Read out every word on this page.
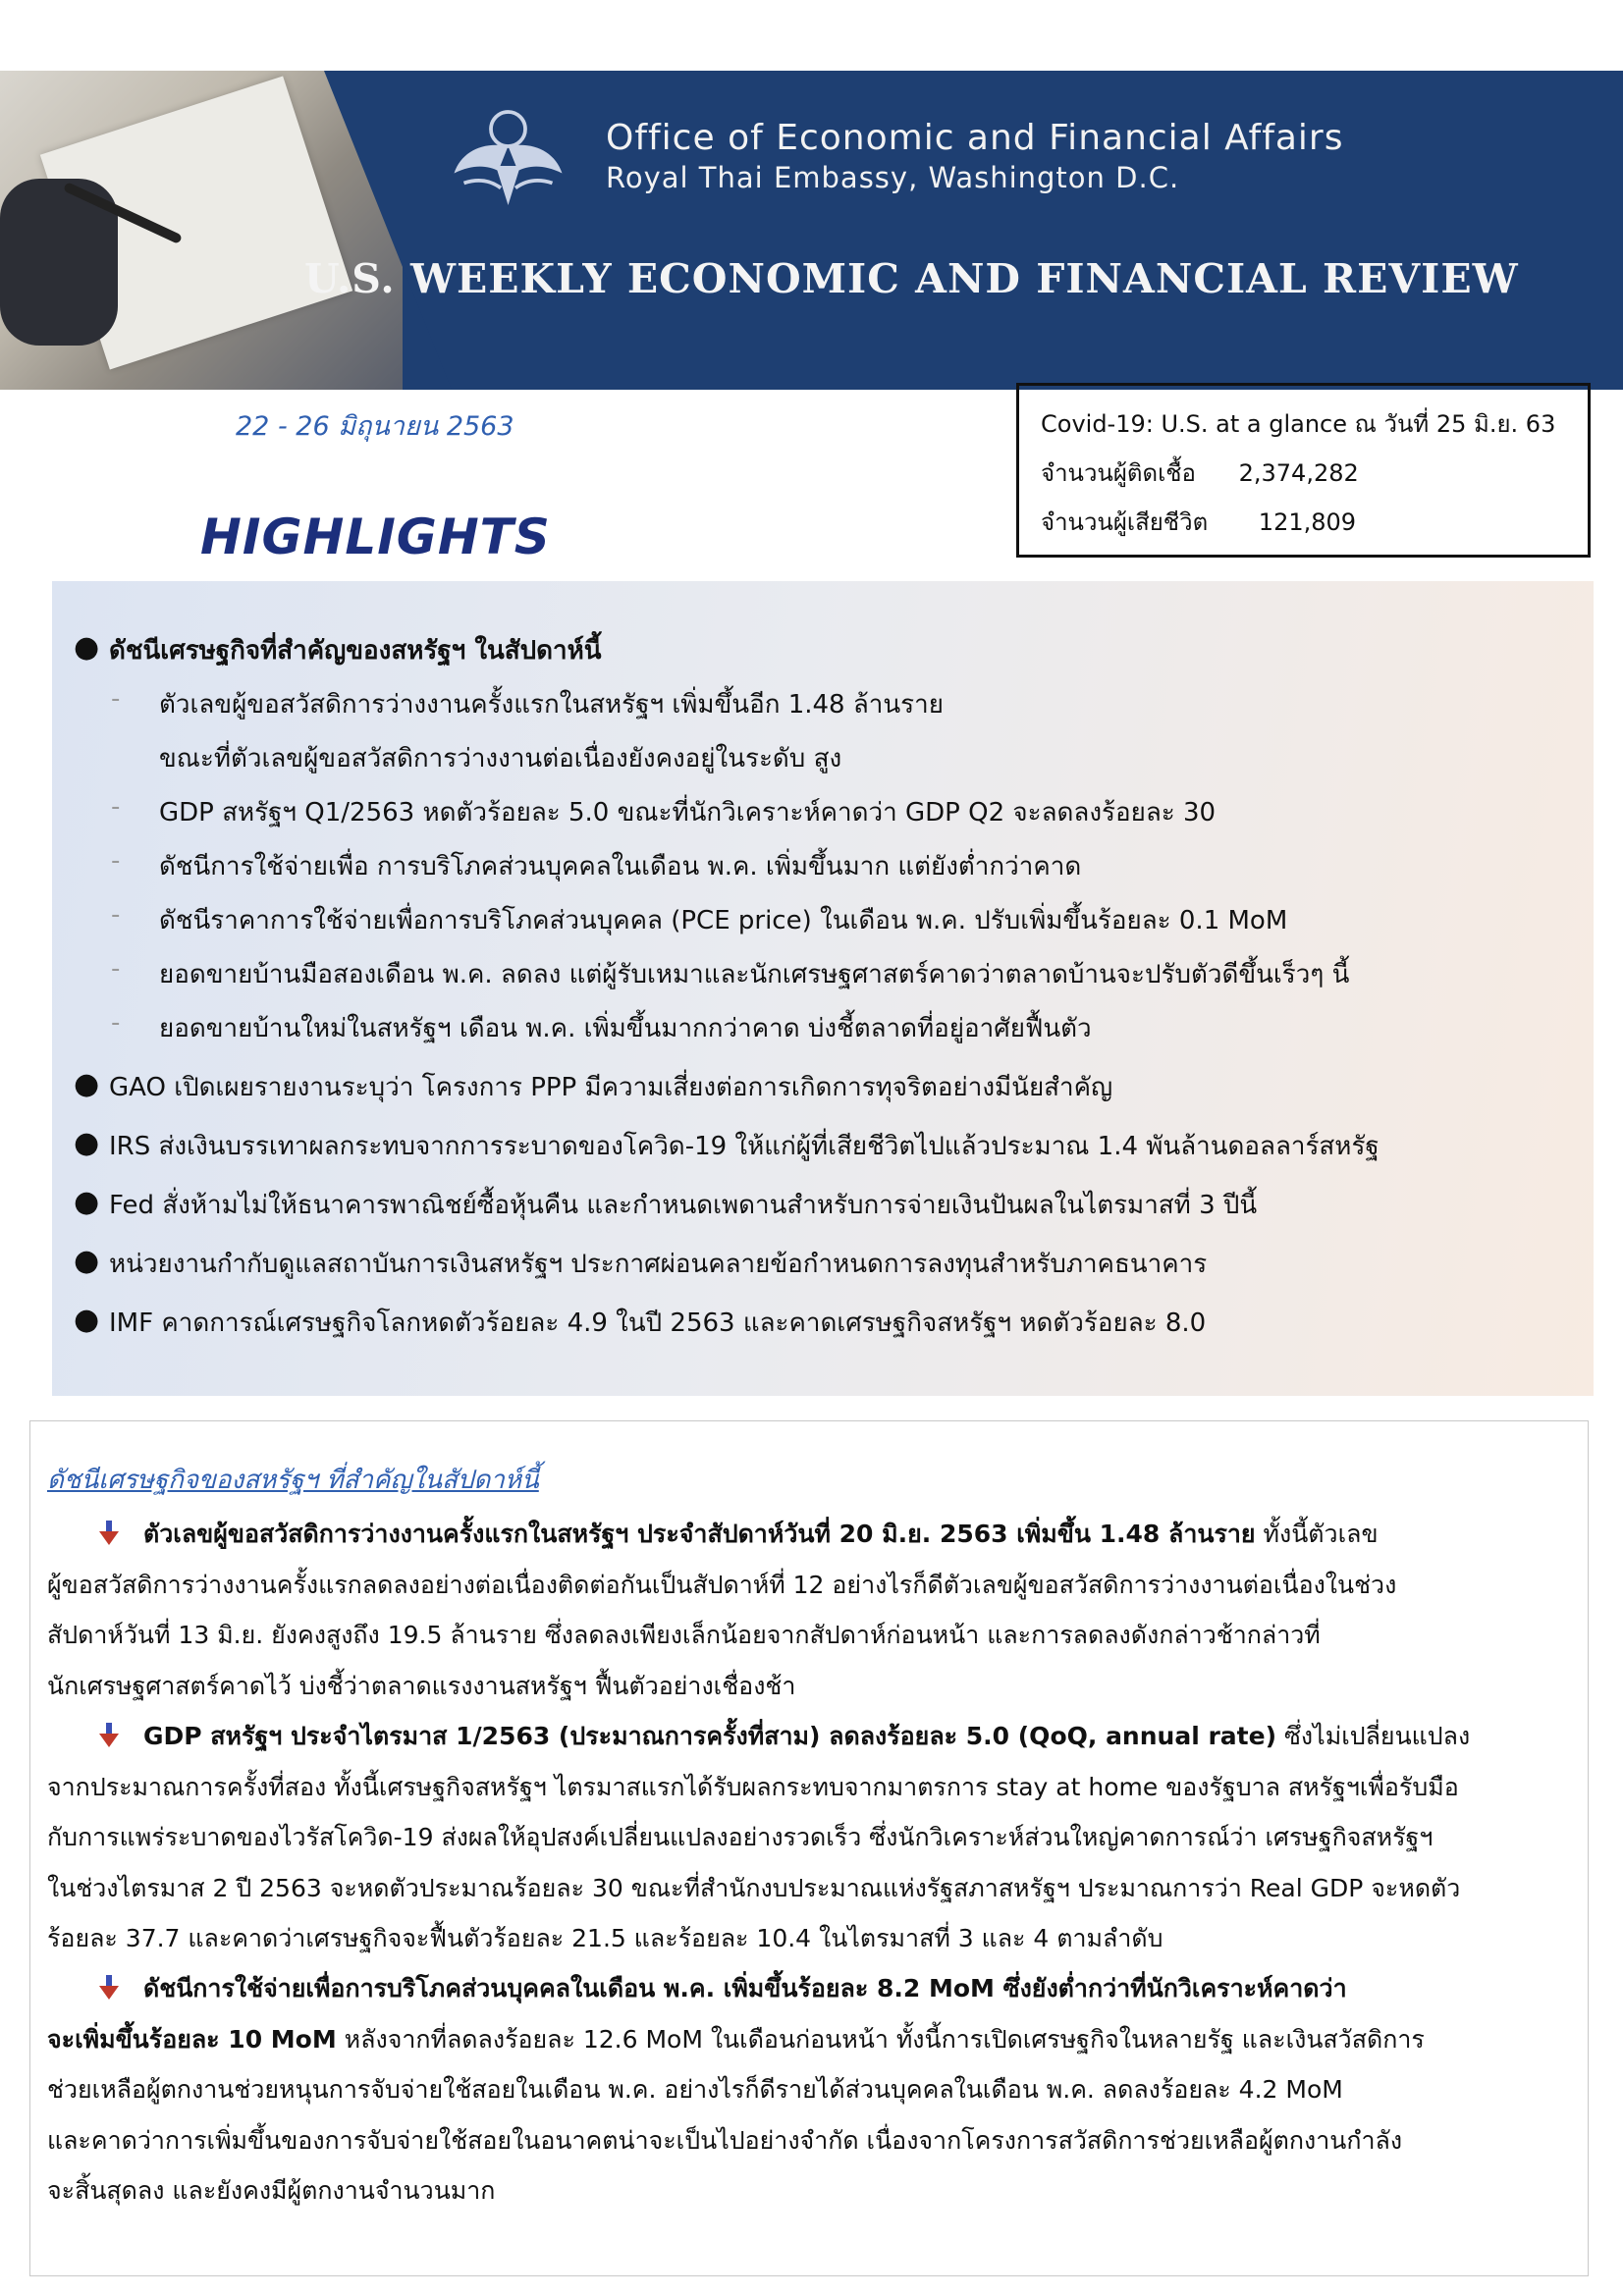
Office of Economic and Financial Affairs
Royal Thai Embassy, Washington D.C.
U.S. WEEKLY ECONOMIC AND FINANCIAL REVIEW
22 - 26 มิถุนายน 2563	Covid-19: U.S. at a glance ณ วันที่ 25 มิ.ย. 63
จำนวนผู้ติดเชื้อ 2,374,282
จำนวนผู้เสียชีวิต 121,809
HIGHLIGHTS
● ดัชนีเศรษฐกิจที่สำคัญของสหรัฐฯ ในสัปดาห์นี้
- ตัวเลขผู้ขอสวัสดิการว่างงานครั้งแรกในสหรัฐฯ เพิ่มขึ้นอีก 1.48 ล้านราย
ขณะที่ตัวเลขผู้ขอสวัสดิการว่างงานต่อเนื่องยังคงอยู่ในระดับ สูง
- GDP สหรัฐฯ Q1/2563 หดตัวร้อยละ 5.0 ขณะที่นักวิเคราะห์คาดว่า GDP Q2 จะลดลงร้อยละ 30
- ดัชนีการใช้จ่ายเพื่อ การบริโภคส่วนบุคคลในเดือน พ.ค. เพิ่มขึ้นมาก แต่ยังต่ำกว่าคาด
- ดัชนีราคาการใช้จ่ายเพื่อการบริโภคส่วนบุคคล (PCE price) ในเดือน พ.ค. ปรับเพิ่มขึ้นร้อยละ 0.1 MoM
- ยอดขายบ้านมือสองเดือน พ.ค. ลดลง แต่ผู้รับเหมาและนักเศรษฐศาสตร์คาดว่าตลาดบ้านจะปรับตัวดีขึ้นเร็วๆ นี้
- ยอดขายบ้านใหม่ในสหรัฐฯ เดือน พ.ค. เพิ่มขึ้นมากกว่าคาด บ่งชี้ตลาดที่อยู่อาศัยฟื้นตัว
● GAO เปิดเผยรายงานระบุว่า โครงการ PPP มีความเสี่ยงต่อการเกิดการทุจริตอย่างมีนัยสำคัญ
● IRS ส่งเงินบรรเทาผลกระทบจากการระบาดของโควิด-19 ให้แก่ผู้ที่เสียชีวิตไปแล้วประมาณ 1.4 พันล้านดอลลาร์สหรัฐ
● Fed สั่งห้ามไม่ให้ธนาคารพาณิชย์ซื้อหุ้นคืน และกำหนดเพดานสำหรับการจ่ายเงินปันผลในไตรมาสที่ 3 ปีนี้
● หน่วยงานกำกับดูแลสถาบันการเงินสหรัฐฯ ประกาศผ่อนคลายข้อกำหนดการลงทุนสำหรับภาคธนาคาร
● IMF คาดการณ์เศรษฐกิจโลกหดตัวร้อยละ 4.9 ในปี 2563 และคาดเศรษฐกิจสหรัฐฯ หดตัวร้อยละ 8.0
ดัชนีเศรษฐกิจของสหรัฐฯ ที่สำคัญในสัปดาห์นี้
ตัวเลขผู้ขอสวัสดิการว่างงานครั้งแรกในสหรัฐฯ ประจำสัปดาห์วันที่ 20 มิ.ย. 2563 เพิ่มขึ้น 1.48 ล้านราย ทั้งนี้ตัวเลข
ผู้ขอสวัสดิการว่างงานครั้งแรกลดลงอย่างต่อเนื่องติดต่อกันเป็นสัปดาห์ที่ 12 อย่างไรก็ดีตัวเลขผู้ขอสวัสดิการว่างงานต่อเนื่องในช่วง
สัปดาห์วันที่ 13 มิ.ย. ยังคงสูงถึง 19.5 ล้านราย ซึ่งลดลงเพียงเล็กน้อยจากสัปดาห์ก่อนหน้า และการลดลงดังกล่าวช้ากล่าวที่
นักเศรษฐศาสตร์คาดไว้ บ่งชี้ว่าตลาดแรงงานสหรัฐฯ ฟื้นตัวอย่างเชื่องช้า
GDP สหรัฐฯ ประจำไตรมาส 1/2563 (ประมาณการครั้งที่สาม) ลดลงร้อยละ 5.0 (QoQ, annual rate) ซึ่งไม่เปลี่ยนแปลง
จากประมาณการครั้งที่สอง ทั้งนี้เศรษฐกิจสหรัฐฯ ไตรมาสแรกได้รับผลกระทบจากมาตรการ stay at home ของรัฐบาล สหรัฐฯเพื่อรับมือ
กับการแพร่ระบาดของไวรัสโควิด-19 ส่งผลให้อุปสงค์เปลี่ยนแปลงอย่างรวดเร็ว ซึ่งนักวิเคราะห์ส่วนใหญ่คาดการณ์ว่า เศรษฐกิจสหรัฐฯ
ในช่วงไตรมาส 2 ปี 2563 จะหดตัวประมาณร้อยละ 30 ขณะที่สำนักงบประมาณแห่งรัฐสภาสหรัฐฯ ประมาณการว่า Real GDP จะหดตัว
ร้อยละ 37.7 และคาดว่าเศรษฐกิจจะฟื้นตัวร้อยละ 21.5 และร้อยละ 10.4 ในไตรมาสที่ 3 และ 4 ตามลำดับ
ดัชนีการใช้จ่ายเพื่อการบริโภคส่วนบุคคลในเดือน พ.ค. เพิ่มขึ้นร้อยละ 8.2 MoM ซึ่งยังต่ำกว่าที่นักวิเคราะห์คาดว่า
จะเพิ่มขึ้นร้อยละ 10 MoM หลังจากที่ลดลงร้อยละ 12.6 MoM ในเดือนก่อนหน้า ทั้งนี้การเปิดเศรษฐกิจในหลายรัฐ และเงินสวัสดิการ
ช่วยเหลือผู้ตกงานช่วยหนุนการจับจ่ายใช้สอยในเดือน พ.ค. อย่างไรก็ดีรายได้ส่วนบุคคลในเดือน พ.ค. ลดลงร้อยละ 4.2 MoM
และคาดว่าการเพิ่มขึ้นของการจับจ่ายใช้สอยในอนาคตน่าจะเป็นไปอย่างจำกัด เนื่องจากโครงการสวัสดิการช่วยเหลือผู้ตกงานกำลัง
จะสิ้นสุดลง และยังคงมีผู้ตกงานจำนวนมาก
